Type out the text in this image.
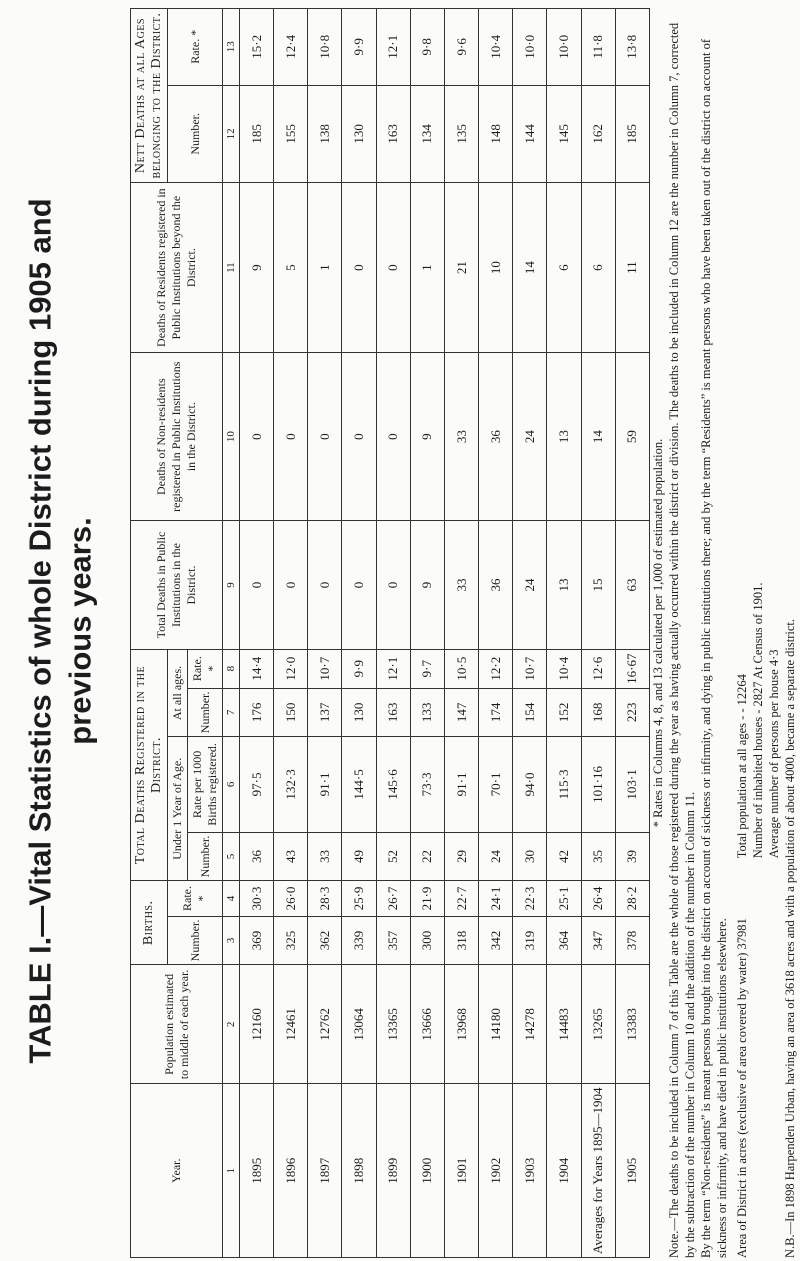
TABLE I.—Vital Statistics of whole District during 1905 and previous years.
Year.	Population estimated to middle of each year.	Births.		Total Deaths Registered in the District.				Total Deaths in Public Institutions in the District.	Deaths of Non-residents registered in Public Institutions in the District.	Deaths of Residents registered in Public Institutions beyond the District.	Nett Deaths at all Ages belonging to the District.	
		Number.	Rate. *	Under 1 Year of Age.		At all ages.					Number.	Rate. *
				Number.	Rate per 1000 Births registered.	Number.	Rate. *					
1	2	3	4	5	6	7	8	9	10	11	12	13
1895	12160	369	30·3	36	97·5	176	14·4	0	0	9	185	15·2
1896	12461	325	26·0	43	132·3	150	12·0	0	0	5	155	12·4
1897	12762	362	28·3	33	91·1	137	10·7	0	0	1	138	10·8
1898	13064	339	25·9	49	144·5	130	9·9	0	0	0	130	9·9
1899	13365	357	26·7	52	145·6	163	12·1	0	0	0	163	12·1
1900	13666	300	21·9	22	73·3	133	9·7	9	9	1	134	9·8
1901	13968	318	22·7	29	91·1	147	10·5	33	33	21	135	9·6
1902	14180	342	24·1	24	70·1	174	12·2	36	36	10	148	10·4
1903	14278	319	22·3	30	94·0	154	10·7	24	24	14	144	10·0
1904	14483	364	25·1	42	115·3	152	10·4	13	13	6	145	10·0
Averages for Years 1895—1904	13265	347	26·4	35	101·16	168	12·6	15	14	6	162	11·8
1905	13383	378	28·2	39	103·1	223	16·67	63	59	11	185	13·8

* Rates in Columns 4, 8, and 13 calculated per 1,000 of estimated population. Note.—The deaths to be included in Column 7 of this Table are the whole of those registered during the year as having actually occurred within the district or division. The deaths to be included in Column 12 are the number in Column 7, corrected by the subtraction of the number in Column 10 and the addition of the number in Column 11. By the term “Non-residents” is meant persons brought into the district on account of sickness or infirmity, and dying in public institutions there; and by the term “Residents” is meant persons who have been taken out of the district on account of sickness or infirmity, and have died in public institutions elsewhere. Area of District in acres (exclusive of area covered by water) 37981

Total population at all ages - - 12264

Number of inhabited houses - 2827 At Census of 1901.

Average number of persons per house 4·3 N.B.—In 1898 Harpenden Urban, having an area of 3618 acres and with a population of about 4000, became a separate district.
